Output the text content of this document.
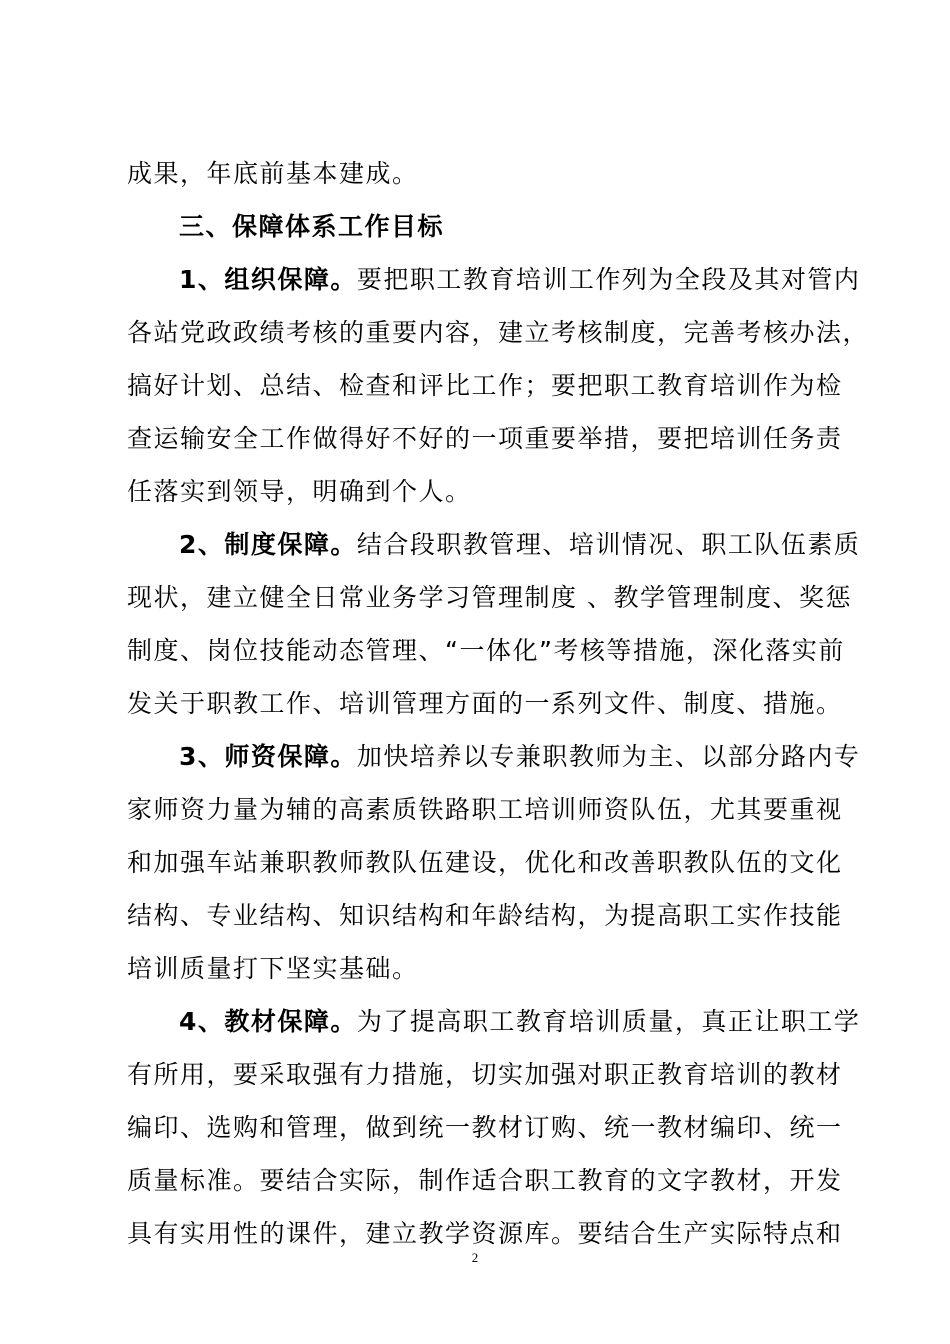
成果，年底前基本建成。
三、保障体系工作目标
1、组织保障。要把职工教育培训工作列为全段及其对管内
各站党政政绩考核的重要内容，建立考核制度，完善考核办法，
搞好计划、总结、检查和评比工作；要把职工教育培训作为检
查运输安全工作做得好不好的一项重要举措，要把培训任务责
任落实到领导，明确到个人。
2、制度保障。结合段职教管理、培训情况、职工队伍素质
现状，建立健全日常业务学习管理制度 、教学管理制度、奖惩
制度、岗位技能动态管理、“一体化”考核等措施，深化落实前
发关于职教工作、培训管理方面的一系列文件、制度、措施。
3、师资保障。加快培养以专兼职教师为主、以部分路内专
家师资力量为辅的高素质铁路职工培训师资队伍，尤其要重视
和加强车站兼职教师教队伍建设，优化和改善职教队伍的文化
结构、专业结构、知识结构和年龄结构，为提高职工实作技能
培训质量打下坚实基础。
4、教材保障。为了提高职工教育培训质量，真正让职工学
有所用，要采取强有力措施，切实加强对职正教育培训的教材
编印、选购和管理，做到统一教材订购、统一教材编印、统一
质量标准。要结合实际，制作适合职工教育的文字教材，开发
具有实用性的课件，建立教学资源库。要结合生产实际特点和
2
